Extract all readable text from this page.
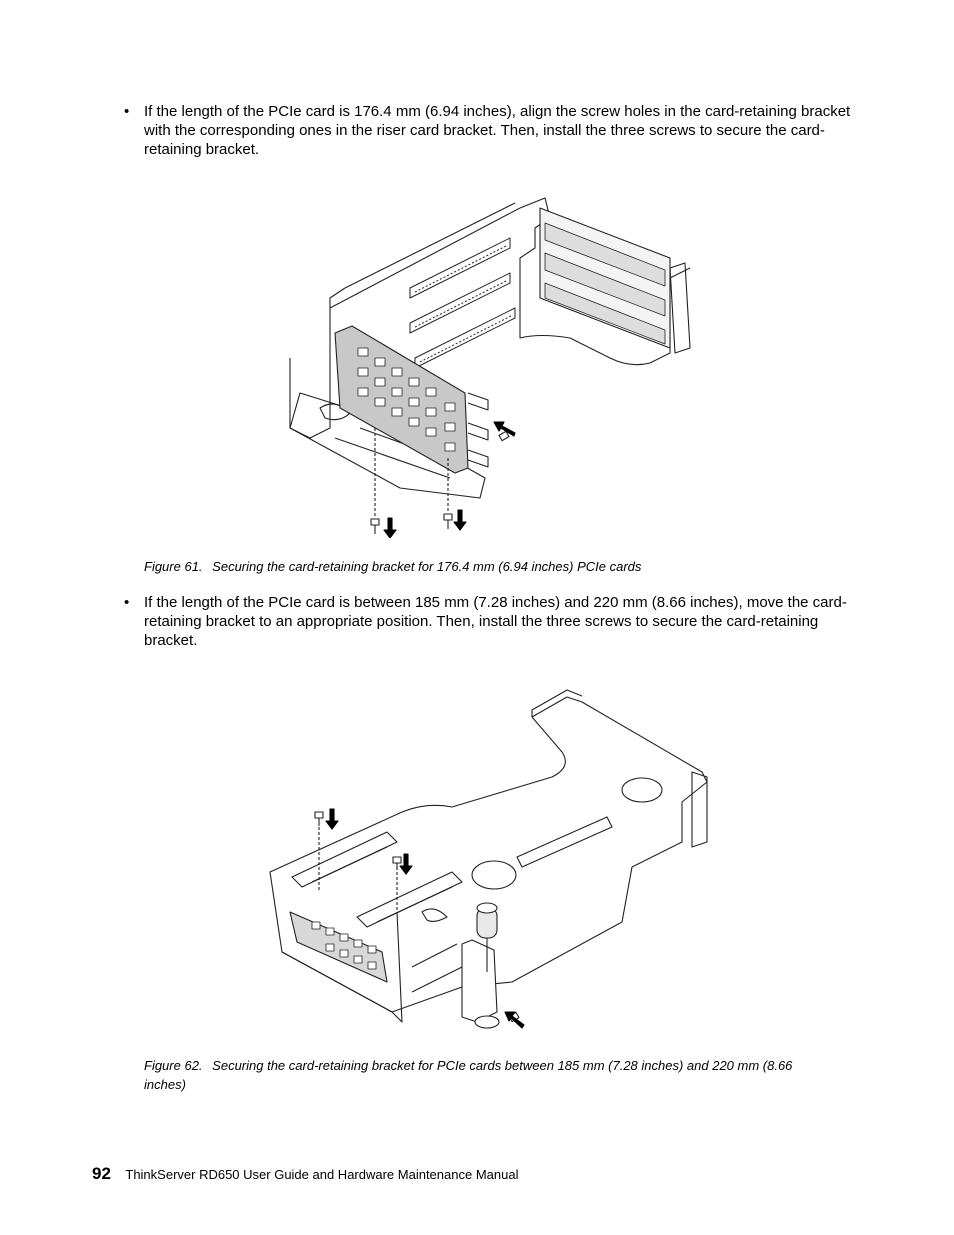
• If the length of the PCIe card is 176.4 mm (6.94 inches), align the screw holes in the card-retaining bracket with the corresponding ones in the riser card bracket. Then, install the three screws to secure the card-retaining bracket.
Figure 61. Securing the card-retaining bracket for 176.4 mm (6.94 inches) PCIe cards
• If the length of the PCIe card is between 185 mm (7.28 inches) and 220 mm (8.66 inches), move the card-retaining bracket to an appropriate position. Then, install the three screws to secure the card-retaining bracket.
Figure 62. Securing the card-retaining bracket for PCIe cards between 185 mm (7.28 inches) and 220 mm (8.66 inches)
92 ThinkServer RD650 User Guide and Hardware Maintenance Manual
